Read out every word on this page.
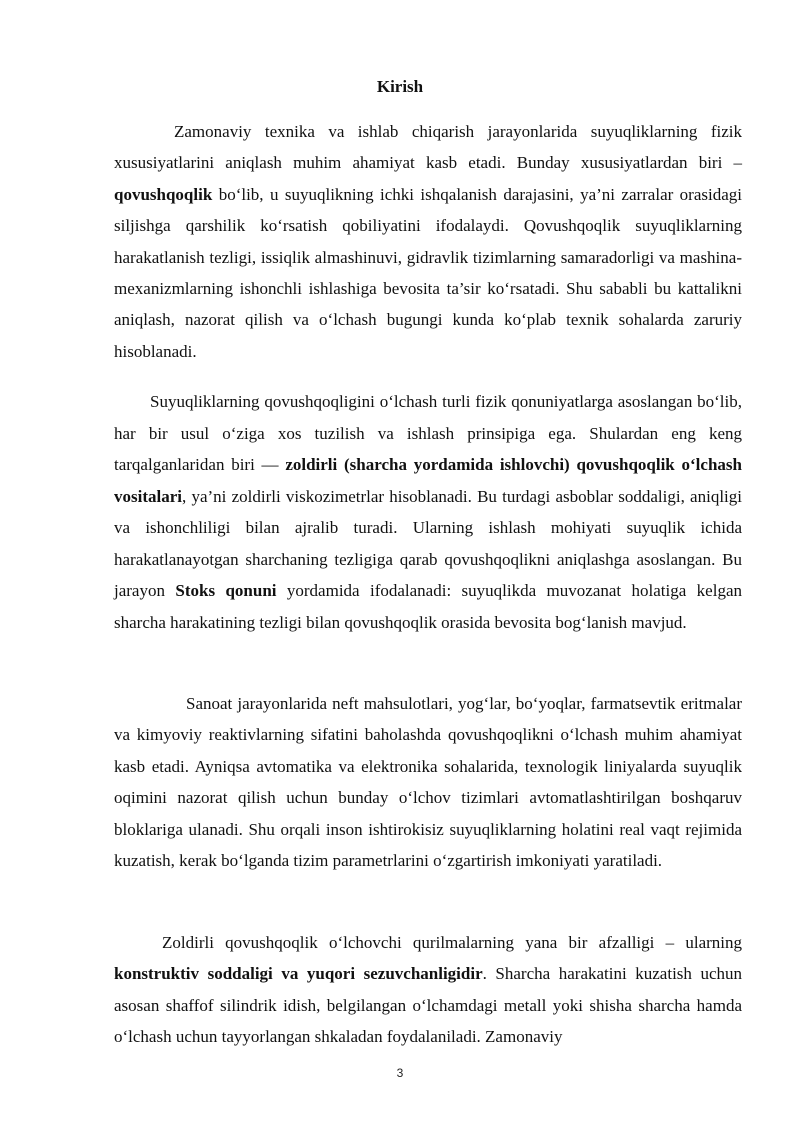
Kirish

Zamonaviy texnika va ishlab chiqarish jarayonlarida suyuqliklarning fizik xususiyatlarini aniqlash muhim ahamiyat kasb etadi. Bunday xususiyatlardan biri – qovushqoqlik bo‘lib, u suyuqlikning ichki ishqalanish darajasini, ya’ni zarralar orasidagi siljishga qarshilik ko‘rsatish qobiliyatini ifodalaydi. Qovushqoqlik suyuqliklarning harakatlanish tezligi, issiqlik almashinuvi, gidravlik tizimlarning samaradorligi va mashina-mexanizmlarning ishonchli ishlashiga bevosita ta’sir ko‘rsatadi. Shu sababli bu kattalikni aniqlash, nazorat qilish va o‘lchash bugungi kunda ko‘plab texnik sohalarda zaruriy hisoblanadi.

Suyuqliklarning qovushqoqligini o‘lchash turli fizik qonuniyatlarga asoslangan bo‘lib, har bir usul o‘ziga xos tuzilish va ishlash prinsipiga ega. Shulardan eng keng tarqalganlaridan biri — zoldirli (sharcha yordamida ishlovchi) qovushqoqlik o‘lchash vositalari, ya’ni zoldirli viskozimetrlar hisoblanadi. Bu turdagi asboblar soddaligi, aniqligi va ishonchliligi bilan ajralib turadi. Ularning ishlash mohiyati suyuqlik ichida harakatlanayotgan sharchaning tezligiga qarab qovushqoqlikni aniqlashga asoslangan. Bu jarayon Stoks qonuni yordamida ifodalanadi: suyuqlikda muvozanat holatiga kelgan sharcha harakatining tezligi bilan qovushqoqlik orasida bevosita bog‘lanish mavjud.

Sanoat jarayonlarida neft mahsulotlari, yog‘lar, bo‘yoqlar, farmatsevtik eritmalar va kimyoviy reaktivlarning sifatini baholashda qovushqoqlikni o‘lchash muhim ahamiyat kasb etadi. Ayniqsa avtomatika va elektronika sohalarida, texnologik liniyalarda suyuqlik oqimini nazorat qilish uchun bunday o‘lchov tizimlari avtomatlashtirilgan boshqaruv bloklariga ulanadi. Shu orqali inson ishtirokisiz suyuqliklarning holatini real vaqt rejimida kuzatish, kerak bo‘lganda tizim parametrlarini o‘zgartirish imkoniyati yaratiladi.

Zoldirli qovushqoqlik o‘lchovchi qurilmalarning yana bir afzalligi – ularning konstruktiv soddaligi va yuqori sezuvchanligidir. Sharcha harakatini kuzatish uchun asosan shaffof silindrik idish, belgilangan o‘lchamdagi metall yoki shisha sharcha hamda o‘lchash uchun tayyorlangan shkaladan foydalaniladi. Zamonaviy

3
